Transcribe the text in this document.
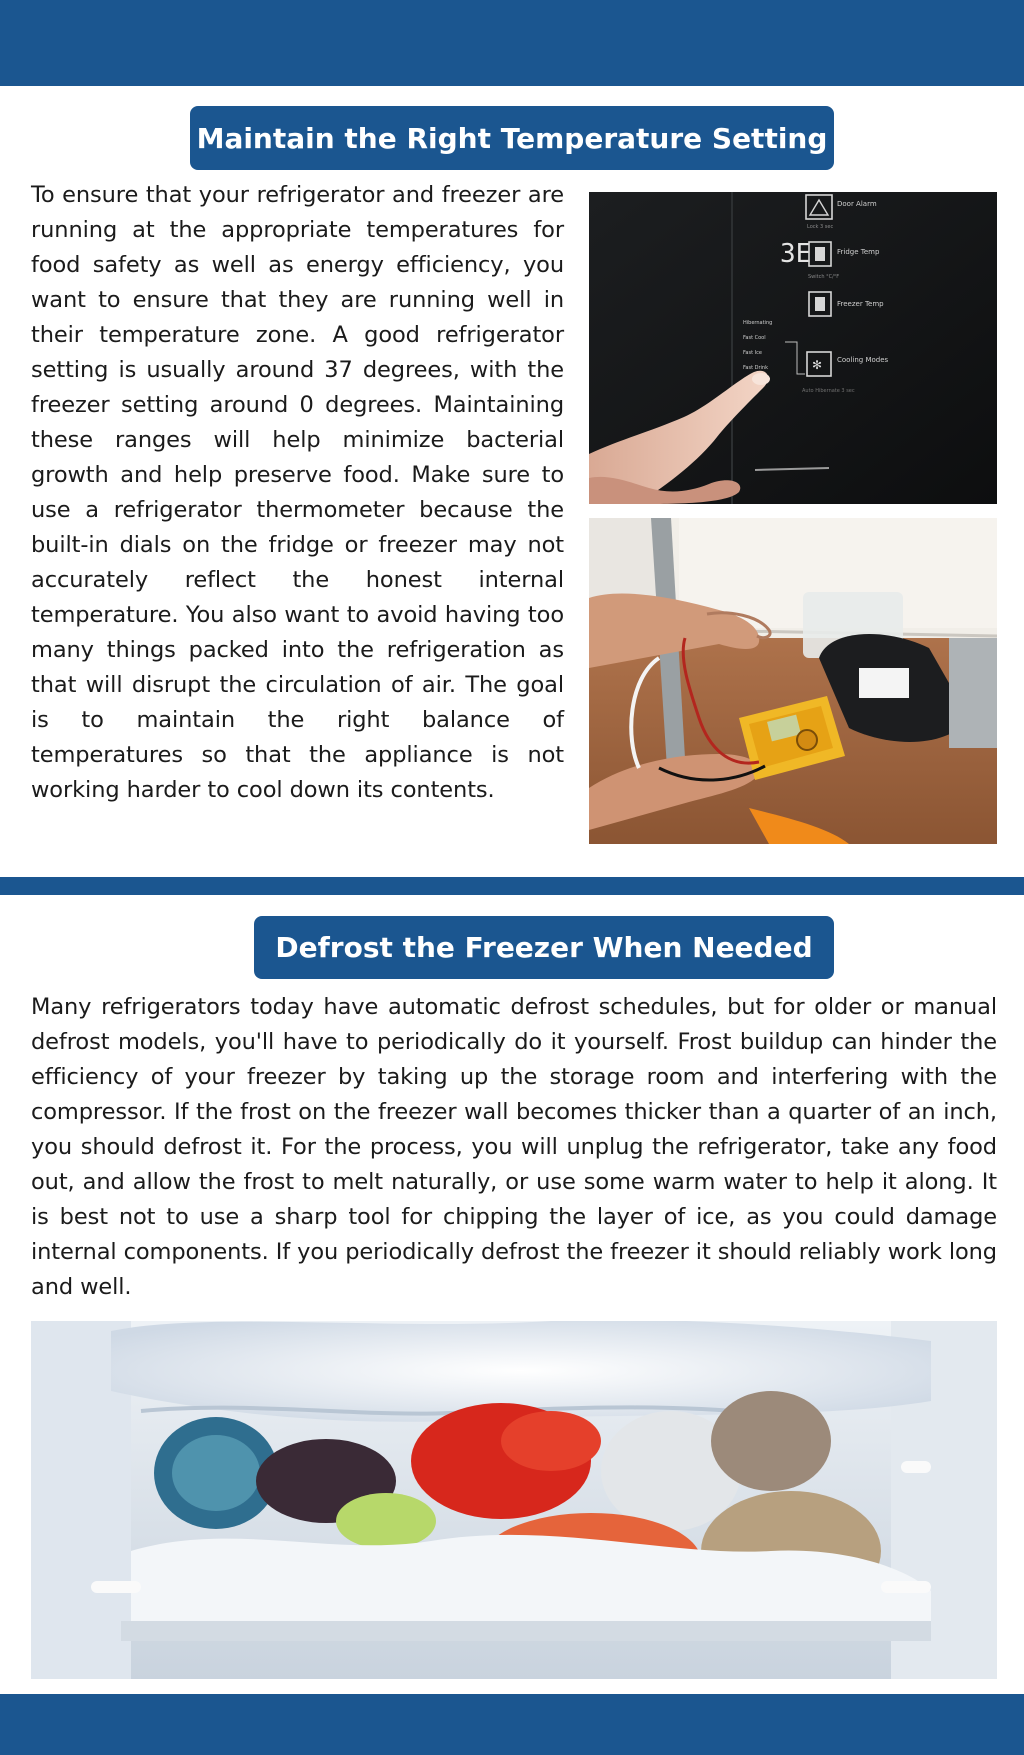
Maintain the Right Temperature Setting

To ensure that your refrigerator and freezer are running at the appropriate temperatures for food safety as well as energy efficiency, you want to ensure that they are running well in their temperature zone. A good refrigerator setting is usually around 37 degrees, with the freezer setting around 0 degrees. Maintaining these ranges will help minimize bacterial growth and help preserve food. Make sure to use a refrigerator thermometer because the built-in dials on the fridge or freezer may not accurately reflect the honest internal temperature. You also want to avoid having too many things packed into the refrigeration as that will disrupt the circulation of air. The goal is to maintain the right balance of temperatures so that the appliance is not working harder to cool down its contents.

Door Alarm
Lock 3 sec
3E	Fridge Temp
Switch °C/°F
Freezer Temp
Hibernating
Fast Cool
Fast Ice
Fast Drink	✻ Cooling Modes
Auto Hibernate 3 sec
Defrost the Freezer When Needed

Many refrigerators today have automatic defrost schedules, but for older or manual defrost models, you'll have to periodically do it yourself. Frost buildup can hinder the efficiency of your freezer by taking up the storage room and interfering with the compressor. If the frost on the freezer wall becomes thicker than a quarter of an inch, you should defrost it. For the process, you will unplug the refrigerator, take any food out, and allow the frost to melt naturally, or use some warm water to help it along. It is best not to use a sharp tool for chipping the layer of ice, as you could damage internal components. If you periodically defrost the freezer it should reliably work long and well.
